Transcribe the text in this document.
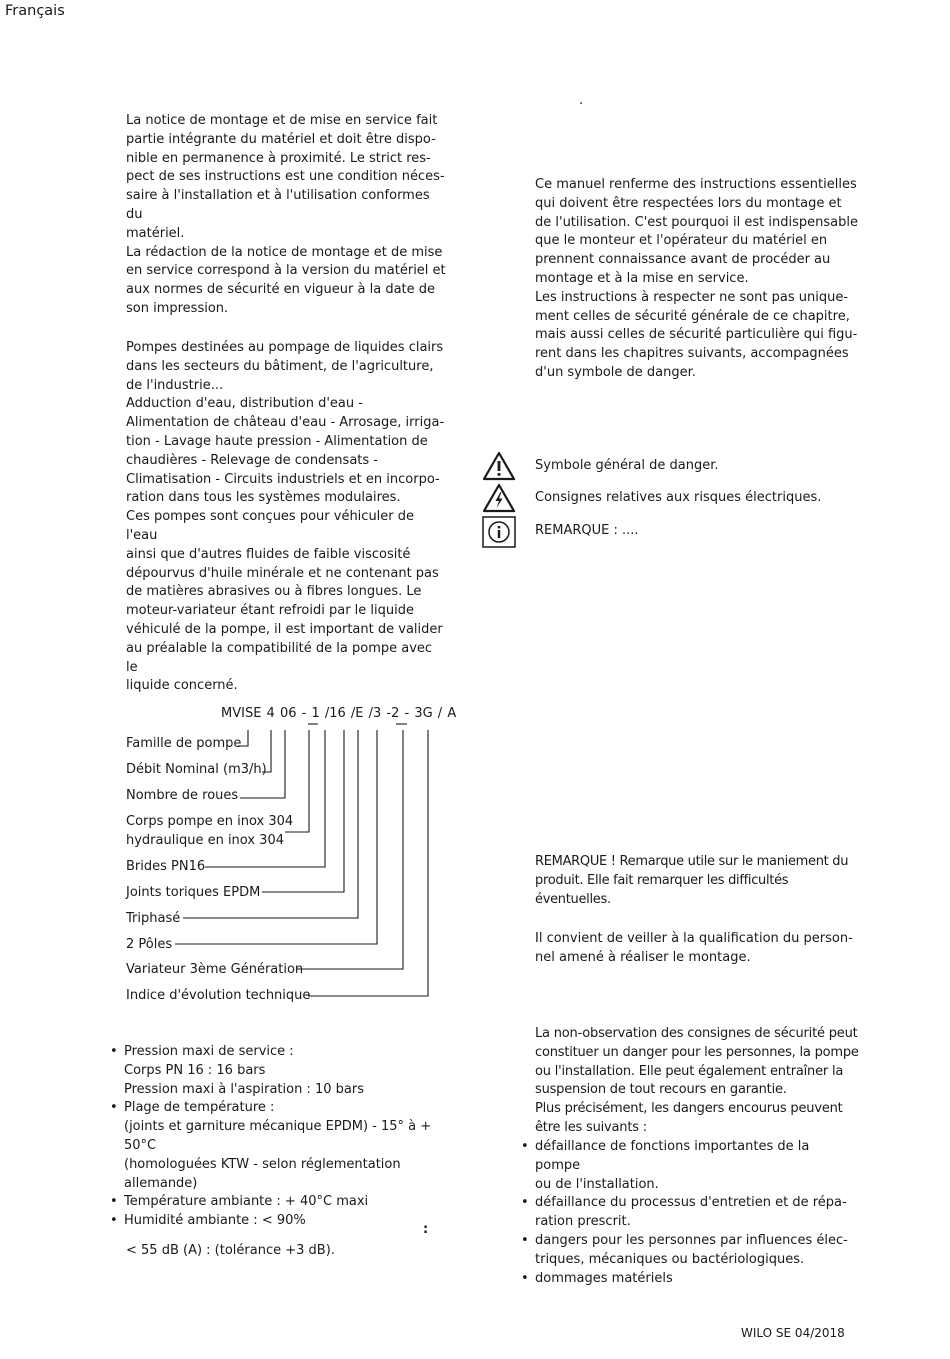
Français
La notice de montage et de mise en service fait
partie intégrante du matériel et doit être dispo-
nible en permanence à proximité. Le strict res-
pect de ses instructions est une condition néces-
saire à l'installation et à l'utilisation conformes du
matériel.
La rédaction de la notice de montage et de mise
en service correspond à la version du matériel et
aux normes de sécurité en vigueur à la date de
son impression.
Pompes destinées au pompage de liquides clairs
dans les secteurs du bâtiment, de l'agriculture,
de l'industrie...
Adduction d'eau, distribution d'eau -
Alimentation de château d'eau - Arrosage, irriga-
tion - Lavage haute pression - Alimentation de
chaudières - Relevage de condensats -
Climatisation - Circuits industriels et en incorpo-
ration dans tous les systèmes modulaires.
Ces pompes sont conçues pour véhiculer de l'eau
ainsi que d'autres fluides de faible viscosité
dépourvus d'huile minérale et ne contenant pas
de matières abrasives ou à fibres longues. Le
moteur-variateur étant refroidi par le liquide
véhiculé de la pompe, il est important de valider
au préalable la compatibilité de la pompe avec le
liquide concerné.
MVISE 4 06 - 1 /16 /E /3 -2 - 3G / A
Famille de pompe
Débit Nominal (m3/h)
Nombre de roues
Corps pompe en inox 304
hydraulique en inox 304
Brides PN16
Joints toriques EPDM
Triphasé
2 Pôles
Variateur 3ème Génération
Indice d'évolution technique
• Pression maxi de service :
Corps PN 16 : 16 bars
Pression maxi à l'aspiration : 10 bars
• Plage de température :
(joints et garniture mécanique EPDM) - 15° à + 50°C
(homologuées KTW - selon réglementation
allemande)
• Température ambiante : + 40°C maxi
• Humidité ambiante : < 90%
:
< 55 dB (A) : (tolérance +3 dB).
.
Ce manuel renferme des instructions essentielles
qui doivent être respectées lors du montage et
de l'utilisation. C'est pourquoi il est indispensable
que le monteur et l'opérateur du matériel en
prennent connaissance avant de procéder au
montage et à la mise en service.
Les instructions à respecter ne sont pas unique-
ment celles de sécurité générale de ce chapitre,
mais aussi celles de sécurité particulière qui figu-
rent dans les chapitres suivants, accompagnées
d'un symbole de danger.
Symbole général de danger.
Consignes relatives aux risques électriques.
REMARQUE : ....
REMARQUE ! Remarque utile sur le maniement du
produit. Elle fait remarquer les difficultés éventuelles.
Il convient de veiller à la qualification du person-
nel amené à réaliser le montage.
La non-observation des consignes de sécurité peut
constituer un danger pour les personnes, la pompe
ou l'installation. Elle peut également entraîner la
suspension de tout recours en garantie.
Plus précisément, les dangers encourus peuvent
être les suivants :
• défaillance de fonctions importantes de la pompe
ou de l'installation.
• défaillance du processus d'entretien et de répa-
ration prescrit.
• dangers pour les personnes par influences élec-
triques, mécaniques ou bactériologiques.
• dommages matériels
WILO SE 04/2018
